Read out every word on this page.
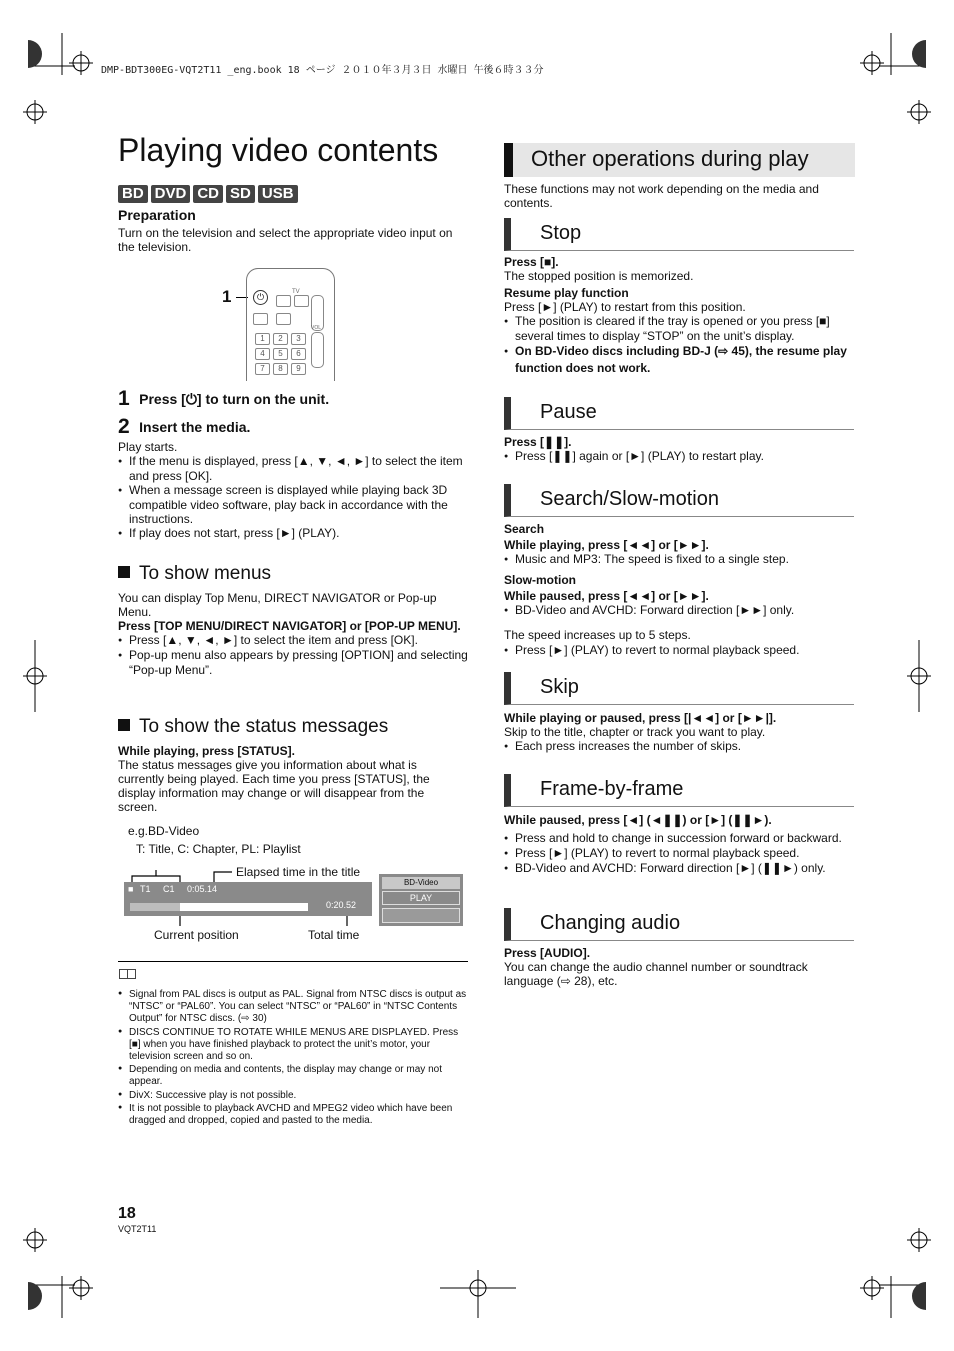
DMP-BDT300EG-VQT2T11 _eng.book 18 ページ ２０１０年３月３日 水曜日 午後６時３３分
Playing video contents
BD DVD CD SD USB
Preparation
Turn on the television and select the appropriate video input on the television.
1	TV
⏻
VOL
1	2	3
4	5	6
7	8	9
1 Press [⏻] to turn on the unit.
2 Insert the media.
Play starts.
● If the menu is displayed, press [▲, ▼, ◄, ►] to select the item and press [OK].
● When a message screen is displayed while playing back 3D compatible video software, play back in accordance with the instructions.
● If play does not start, press [►] (PLAY).
To show menus
You can display Top Menu, DIRECT NAVIGATOR or Pop-up Menu.
Press [TOP MENU/DIRECT NAVIGATOR] or [POP-UP MENU].
● Press [▲, ▼, ◄, ►] to select the item and press [OK].
● Pop-up menu also appears by pressing [OPTION] and selecting “Pop-up Menu”.
To show the status messages
While playing, press [STATUS].
The status messages give you information about what is currently being played. Each time you press [STATUS], the display information may change or will disappear from the screen.
e.g.BD-Video
T: Title, C: Chapter, PL: Playlist
Elapsed time in the title
■ T1 C1 0:05.14
0:20.52
BD-Video
PLAY
Current position	Total time
● Signal from PAL discs is output as PAL. Signal from NTSC discs is output as “NTSC” or “PAL60”. You can select “NTSC” or “PAL60” in “NTSC Contents Output” for NTSC discs. (⇨ 30)
● DISCS CONTINUE TO ROTATE WHILE MENUS ARE DISPLAYED. Press [■] when you have finished playback to protect the unit’s motor, your television screen and so on.
● Depending on media and contents, the display may change or may not appear.
● DivX: Successive play is not possible.
● It is not possible to playback AVCHD and MPEG2 video which have been dragged and dropped, copied and pasted to the media.
Other operations during play
These functions may not work depending on the media and contents.
Stop
Press [■].
The stopped position is memorized.
Resume play function
Press [►] (PLAY) to restart from this position.
● The position is cleared if the tray is opened or you press [■] several times to display “STOP” on the unit’s display.
● On BD-Video discs including BD-J (⇨ 45), the resume play function does not work.
Pause
Press [❚❚].
● Press [❚❚] again or [►] (PLAY) to restart play.
Search/Slow-motion
Search
While playing, press [◄◄] or [►►].
● Music and MP3: The speed is fixed to a single step.
Slow-motion
While paused, press [◄◄] or [►►].
● BD-Video and AVCHD: Forward direction [►►] only.
The speed increases up to 5 steps.
● Press [►] (PLAY) to revert to normal playback speed.
Skip
While playing or paused, press [|◄◄] or [►►|].
Skip to the title, chapter or track you want to play.
● Each press increases the number of skips.
Frame-by-frame
While paused, press [◄] (◄❚❚) or [►] (❚❚►).
● Press and hold to change in succession forward or backward.
● Press [►] (PLAY) to revert to normal playback speed.
● BD-Video and AVCHD: Forward direction [►] (❚❚►) only.
Changing audio
Press [AUDIO].
You can change the audio channel number or soundtrack language (⇨ 28), etc.
18
VQT2T11
